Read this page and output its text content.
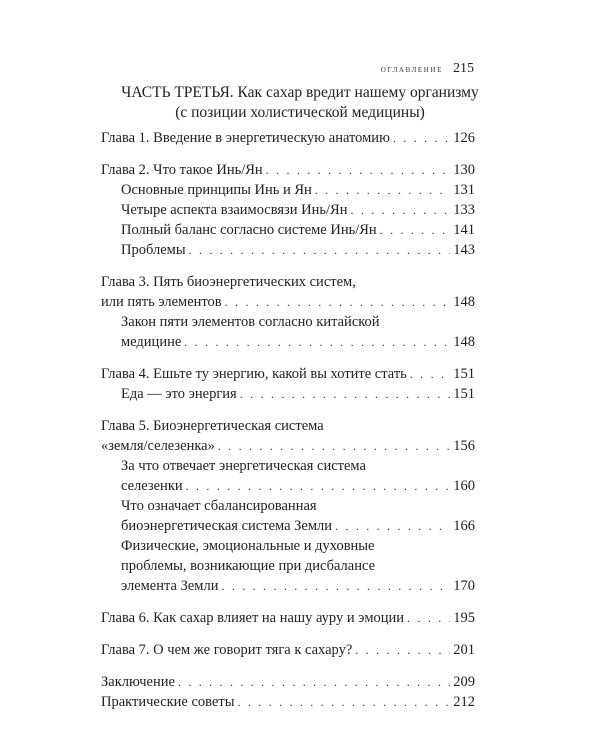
оглавление 215
ЧАСТЬ ТРЕТЬЯ. Как сахар вредит нашему организму
(с позиции холистической медицины)
Глава 1. Введение в энергетическую анатомию . . .	126
Глава 2. Что такое Инь/Ян . . .	130
Основные принципы Инь и Ян . . .	131
Четыре аспекта взаимосвязи Инь/Ян . . .	133
Полный баланс согласно системе Инь/Ян . . .	141
Проблемы . . .	143
Глава 3. Пять биоэнергетических систем,
или пять элементов . . .	148
Закон пяти элементов согласно китайской
медицине . . .	148
Глава 4. Ешьте ту энергию, какой вы хотите стать . . .	151
Еда — это энергия . . .	151
Глава 5. Биоэнергетическая система
«земля/селезенка» . . .	156
За что отвечает энергетическая система
селезенки . . .	160
Что означает сбалансированная
биоэнергетическая система Земли . . .	166
Физические, эмоциональные и духовные
проблемы, возникающие при дисбалансе
элемента Земли . . .	170
Глава 6. Как сахар влияет на нашу ауру и эмоции . . .	195
Глава 7. О чем же говорит тяга к сахару? . . .	201
Заключение . . .	209
Практические советы . . .	212
